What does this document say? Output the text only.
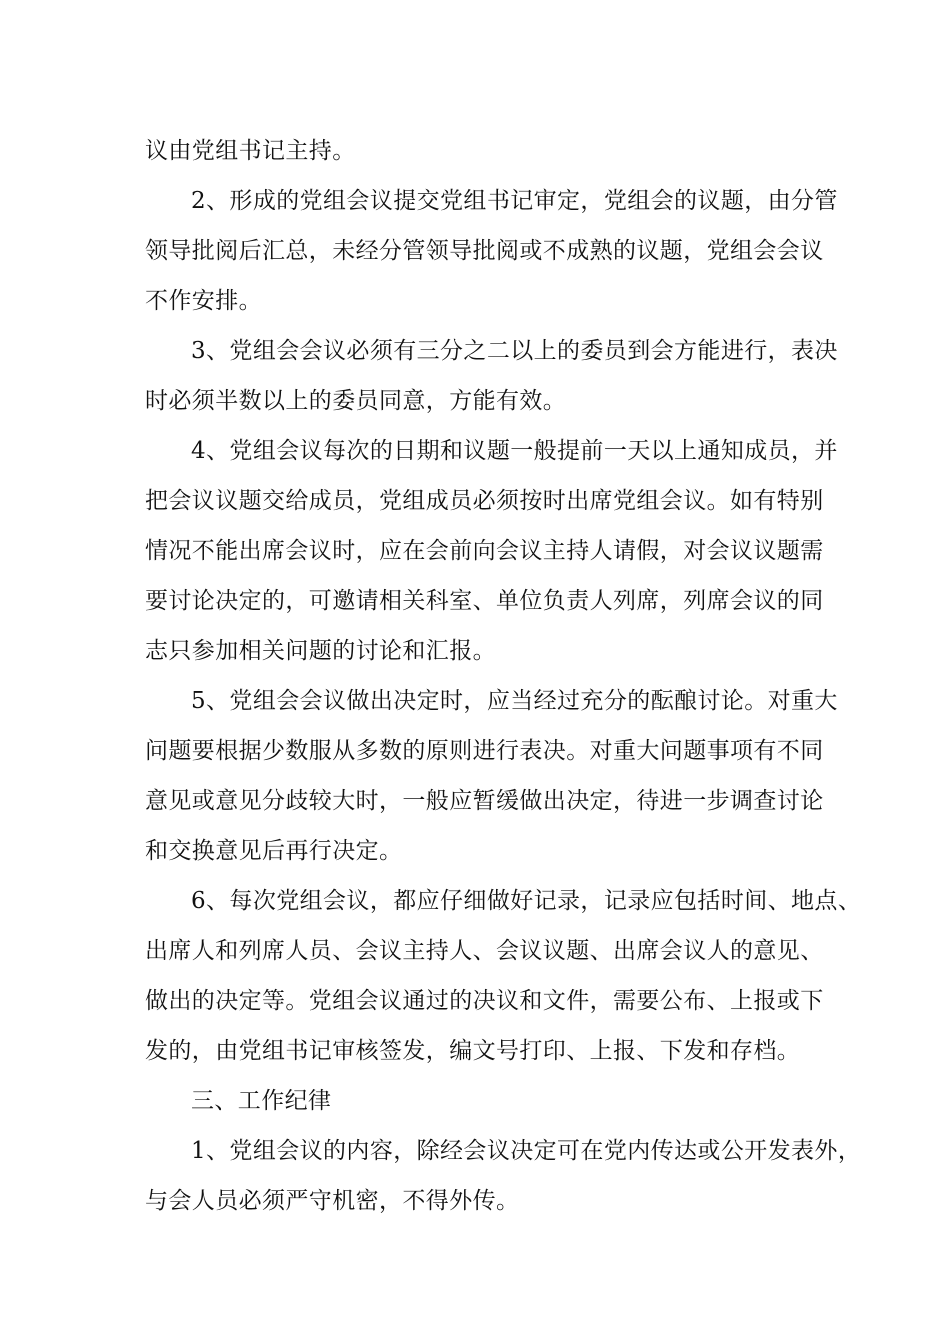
议由党组书记主持。

2、形成的党组会议提交党组书记审定，党组会的议题，由分管

领导批阅后汇总，未经分管领导批阅或不成熟的议题，党组会会议

不作安排。

3、党组会会议必须有三分之二以上的委员到会方能进行，表决

时必须半数以上的委员同意，方能有效。

4、党组会议每次的日期和议题一般提前一天以上通知成员，并

把会议议题交给成员，党组成员必须按时出席党组会议。如有特别

情况不能出席会议时，应在会前向会议主持人请假，对会议议题需

要讨论决定的，可邀请相关科室、单位负责人列席，列席会议的同

志只参加相关问题的讨论和汇报。

5、党组会会议做出决定时，应当经过充分的酝酿讨论。对重大

问题要根据少数服从多数的原则进行表决。对重大问题事项有不同

意见或意见分歧较大时，一般应暂缓做出决定，待进一步调查讨论

和交换意见后再行决定。

6、每次党组会议，都应仔细做好记录，记录应包括时间、地点、

出席人和列席人员、会议主持人、会议议题、出席会议人的意见、

做出的决定等。党组会议通过的决议和文件，需要公布、上报或下

发的，由党组书记审核签发，编文号打印、上报、下发和存档。

三、工作纪律

1、党组会议的内容，除经会议决定可在党内传达或公开发表外，

与会人员必须严守机密，不得外传。
